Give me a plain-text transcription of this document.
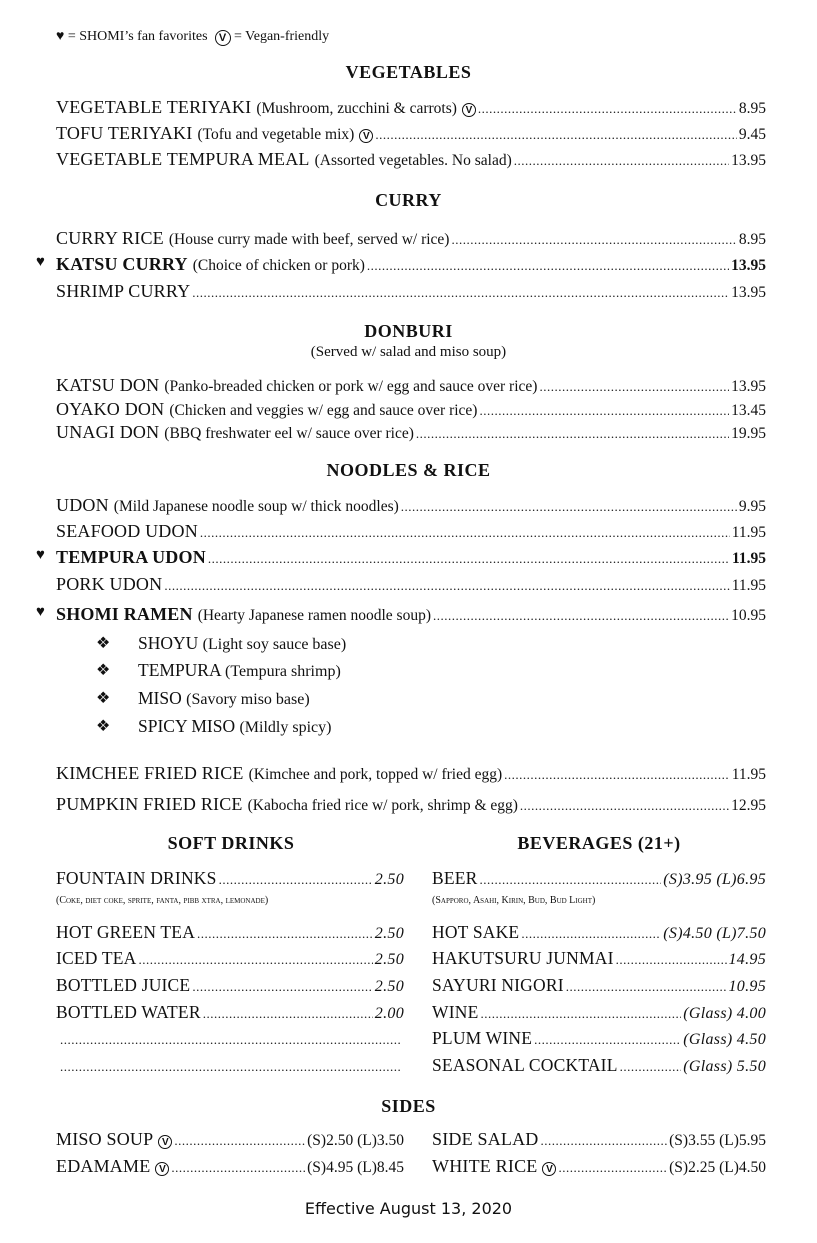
♥ = SHOMI’s fan favorites V = Vegan-friendly
VEGETABLES
VEGETABLE TERIYAKI (Mushroom, zucchini & carrots) V .....	8.95
TOFU TERIYAKI (Tofu and vegetable mix) V .....	9.45
VEGETABLE TEMPURA MEAL (Assorted vegetables. No salad) .....	13.95
CURRY
CURRY RICE (House curry made with beef, served w/ rice) .....	8.95
♥ KATSU CURRY (Choice of chicken or pork) .....	13.95
SHRIMP CURRY .....	13.95
DONBURI
(Served w/ salad and miso soup)
KATSU DON (Panko-breaded chicken or pork w/ egg and sauce over rice) .....	13.95
OYAKO DON (Chicken and veggies w/ egg and sauce over rice) .....	13.45
UNAGI DON (BBQ freshwater eel w/ sauce over rice) .....	19.95
NOODLES & RICE
UDON (Mild Japanese noodle soup w/ thick noodles) .....	9.95
SEAFOOD UDON .....	11.95
♥ TEMPURA UDON .....	11.95
PORK UDON .....	11.95
♥ SHOMI RAMEN (Hearty Japanese ramen noodle soup) .....	10.95
❖ SHOYU (Light soy sauce base)
❖ TEMPURA (Tempura shrimp)
❖ MISO (Savory miso base)
❖ SPICY MISO (Mildly spicy)
KIMCHEE FRIED RICE (Kimchee and pork, topped w/ fried egg) .....	11.95
PUMPKIN FRIED RICE (Kabocha fried rice w/ pork, shrimp & egg) .....	12.95
SOFT DRINKS
FOUNTAIN DRINKS .....	2.50
(Coke, diet coke, sprite, fanta, pibb xtra, lemonade)
HOT GREEN TEA .....	2.50
ICED TEA .....	2.50
BOTTLED JUICE .....	2.50
BOTTLED WATER .....	2.00
.....
.....
BEVERAGES (21+)
BEER .....	(S)3.95 (L)6.95
(Sapporo, Asahi, Kirin, Bud, Bud Light)
HOT SAKE .....	(S)4.50 (L)7.50
HAKUTSURU JUNMAI .....	14.95
SAYURI NIGORI .....	10.95
WINE .....	(Glass) 4.00
PLUM WINE .....	(Glass) 4.50
SEASONAL COCKTAIL .....	(Glass) 5.50
SIDES
MISO SOUP V .....	(S)2.50 (L)3.50
EDAMAME V .....	(S)4.95 (L)8.45
SIDE SALAD .....	(S)3.55 (L)5.95
WHITE RICE V .....	(S)2.25 (L)4.50
Effective August 13, 2020
